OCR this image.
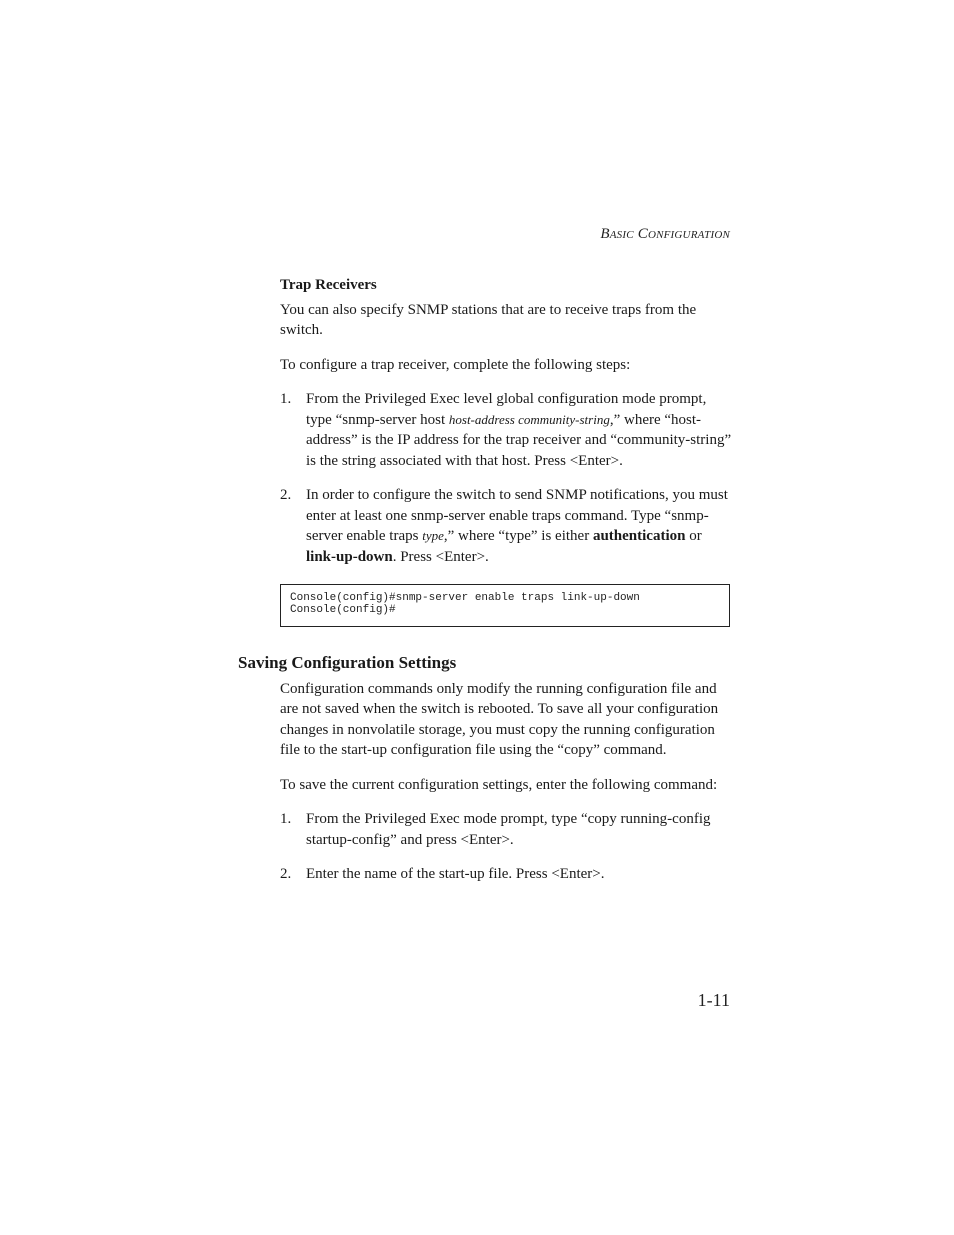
BASIC CONFIGURATION
Trap Receivers

You can also specify SNMP stations that are to receive traps from the switch.

To configure a trap receiver, complete the following steps:

1. From the Privileged Exec level global configuration mode prompt, type “snmp-server host host-address community-string,” where “host-address” is the IP address for the trap receiver and “community-string” is the string associated with that host. Press <Enter>.
2. In order to configure the switch to send SNMP notifications, you must enter at least one snmp-server enable traps command. Type “snmp-server enable traps type,” where “type” is either authentication or link-up-down. Press <Enter>.
Console(config)#snmp-server enable traps link-up-down
Console(config)#
Saving Configuration Settings

Configuration commands only modify the running configuration file and are not saved when the switch is rebooted. To save all your configuration changes in nonvolatile storage, you must copy the running configuration file to the start-up configuration file using the “copy” command.

To save the current configuration settings, enter the following command:

1. From the Privileged Exec mode prompt, type “copy running-config startup-config” and press <Enter>.
2. Enter the name of the start-up file. Press <Enter>.
1-11
